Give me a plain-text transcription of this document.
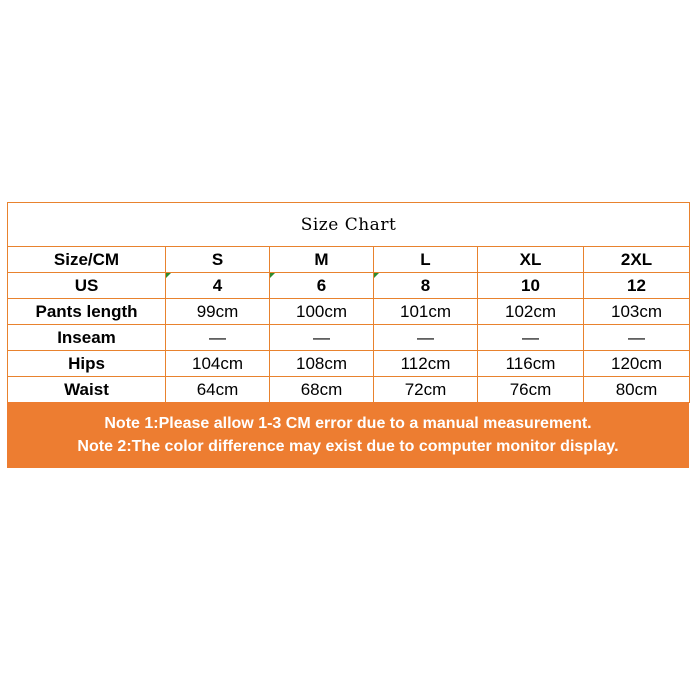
Size Chart					
Size/CM	S	M	L	XL	2XL
US	4	6	8	10	12
Pants length	99cm	100cm	101cm	102cm	103cm
Inseam	—	—	—	—	—
Hips	104cm	108cm	112cm	116cm	120cm
Waist	64cm	68cm	72cm	76cm	80cm
Note 1:Please allow 1-3 CM error due to a manual measurement.
Note 2:The color difference may exist due to computer monitor display.
